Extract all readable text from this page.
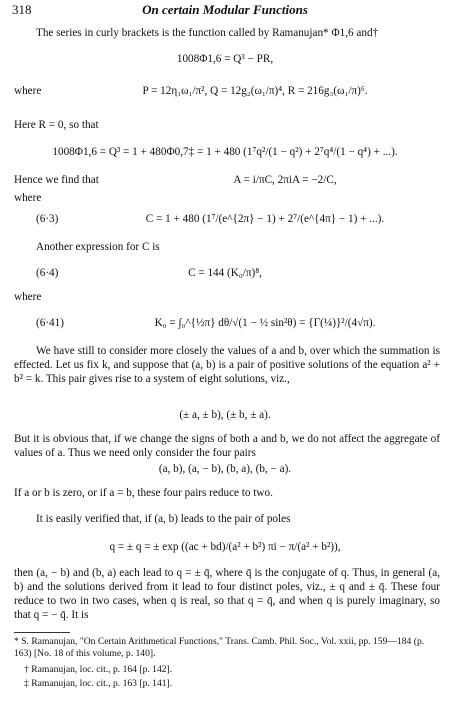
318	On certain Modular Functions
The series in curly brackets is the function called by Ramanujan* Φ1,6 and†
1008Φ1,6 = Q³ − PR,
where	P = 12η₁ω₁/π², Q = 12g₂(ω₁/π)⁴, R = 216g₃(ω₁/π)⁶.
Here R = 0, so that
1008Φ1,6 = Q³ = 1 + 480Φ0,7‡ = 1 + 480 (1⁷q²/(1 − q²) + 2⁷q⁴/(1 − q⁴) + ...).
Hence we find that	A = i/πC, 2πiA = −2/C,
where
(6·3)	C = 1 + 480 (1⁷/(e^{2π} − 1) + 2⁷/(e^{4π} − 1) + ...).
Another expression for C is
(6·4)	C = 144 (K₀/π)⁸,
where
(6·41)	K₀ = ∫₀^{½π} dθ/√(1 − ½ sin²θ) = {Γ(¼)}²/(4√π).
We have still to consider more closely the values of a and b, over which the summation is effected. Let us fix k, and suppose that (a, b) is a pair of positive solutions of the equation a² + b² = k. This pair gives rise to a system of eight solutions, viz.,
(± a, ± b), (± b, ± a).
But it is obvious that, if we change the signs of both a and b, we do not affect the aggregate of values of a. Thus we need only consider the four pairs
(a, b), (a, − b), (b, a), (b, − a).
If a or b is zero, or if a = b, these four pairs reduce to two.
It is easily verified that, if (a, b) leads to the pair of poles
q = ± q = ± exp ((ac + bd)/(a² + b²) πi − π/(a² + b²)),
then (a, − b) and (b, a) each lead to q = ± q̄, where q̄ is the conjugate of q. Thus, in general (a, b) and the solutions derived from it lead to four distinct poles, viz., ± q and ± q̄. These four reduce to two in two cases, when q is real, so that q = q̄, and when q is purely imaginary, so that q = − q̄. It is
* S. Ramanujan, "On Certain Arithmetical Functions," Trans. Camb. Phil. Soc., Vol. xxii, pp. 159—184 (p. 163) [No. 18 of this volume, p. 140].
† Ramanujan, loc. cit., p. 164 [p. 142].
‡ Ramanujan, loc. cit., p. 163 [p. 141].
